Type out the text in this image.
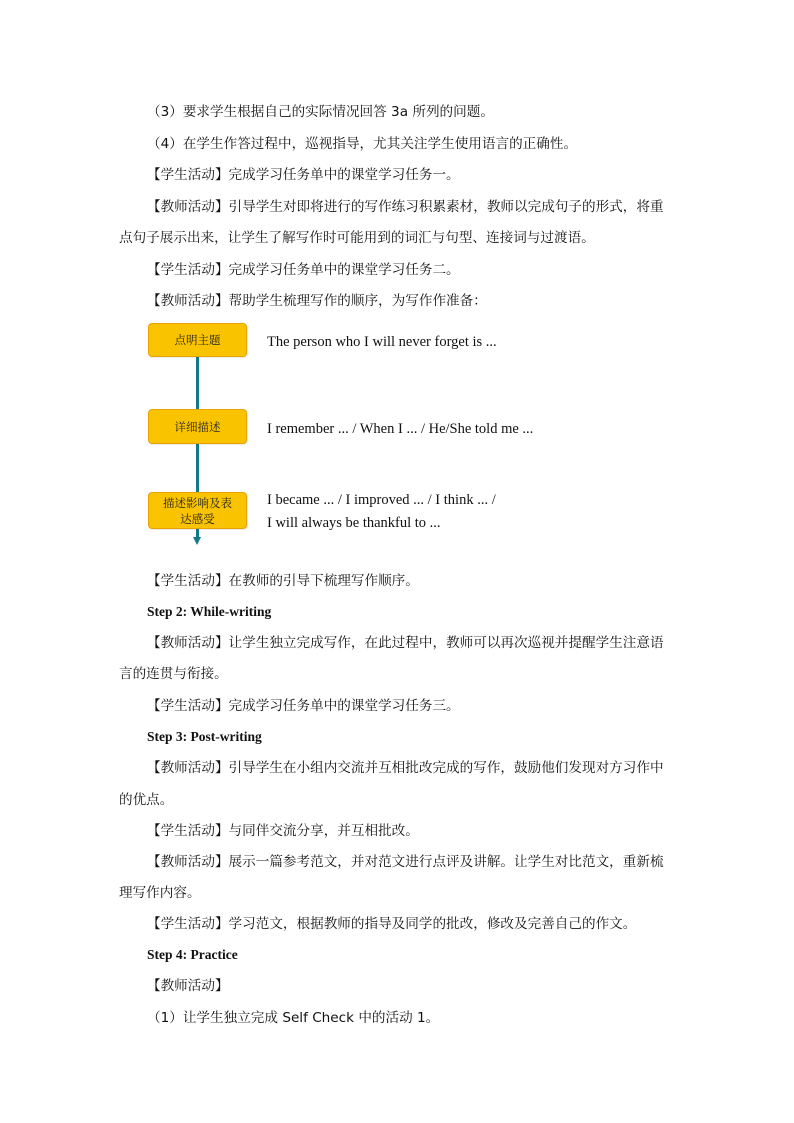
（3）要求学生根据自己的实际情况回答 3a 所列的问题。
（4）在学生作答过程中，巡视指导，尤其关注学生使用语言的正确性。
【学生活动】完成学习任务单中的课堂学习任务一。
【教师活动】引导学生对即将进行的写作练习积累素材，教师以完成句子的形式，将重
点句子展示出来，让学生了解写作时可能用到的词汇与句型、连接词与过渡语。
【学生活动】完成学习任务单中的课堂学习任务二。
【教师活动】帮助学生梳理写作的顺序，为写作作准备：
点明主题	The person who I will never forget is ...
详细描述	I remember ... / When I ... / He/She told me ...
描述影响及表
达感受
I became ... / I improved ... / I think ... /
I will always be thankful to ...
【学生活动】在教师的引导下梳理写作顺序。
Step 2: While-writing
【教师活动】让学生独立完成写作，在此过程中，教师可以再次巡视并提醒学生注意语
言的连贯与衔接。
【学生活动】完成学习任务单中的课堂学习任务三。
Step 3: Post-writing
【教师活动】引导学生在小组内交流并互相批改完成的写作，鼓励他们发现对方习作中
的优点。
【学生活动】与同伴交流分享，并互相批改。
【教师活动】展示一篇参考范文，并对范文进行点评及讲解。让学生对比范文，重新梳
理写作内容。
【学生活动】学习范文，根据教师的指导及同学的批改，修改及完善自己的作文。
Step 4: Practice
【教师活动】
（1）让学生独立完成 Self Check 中的活动 1。
